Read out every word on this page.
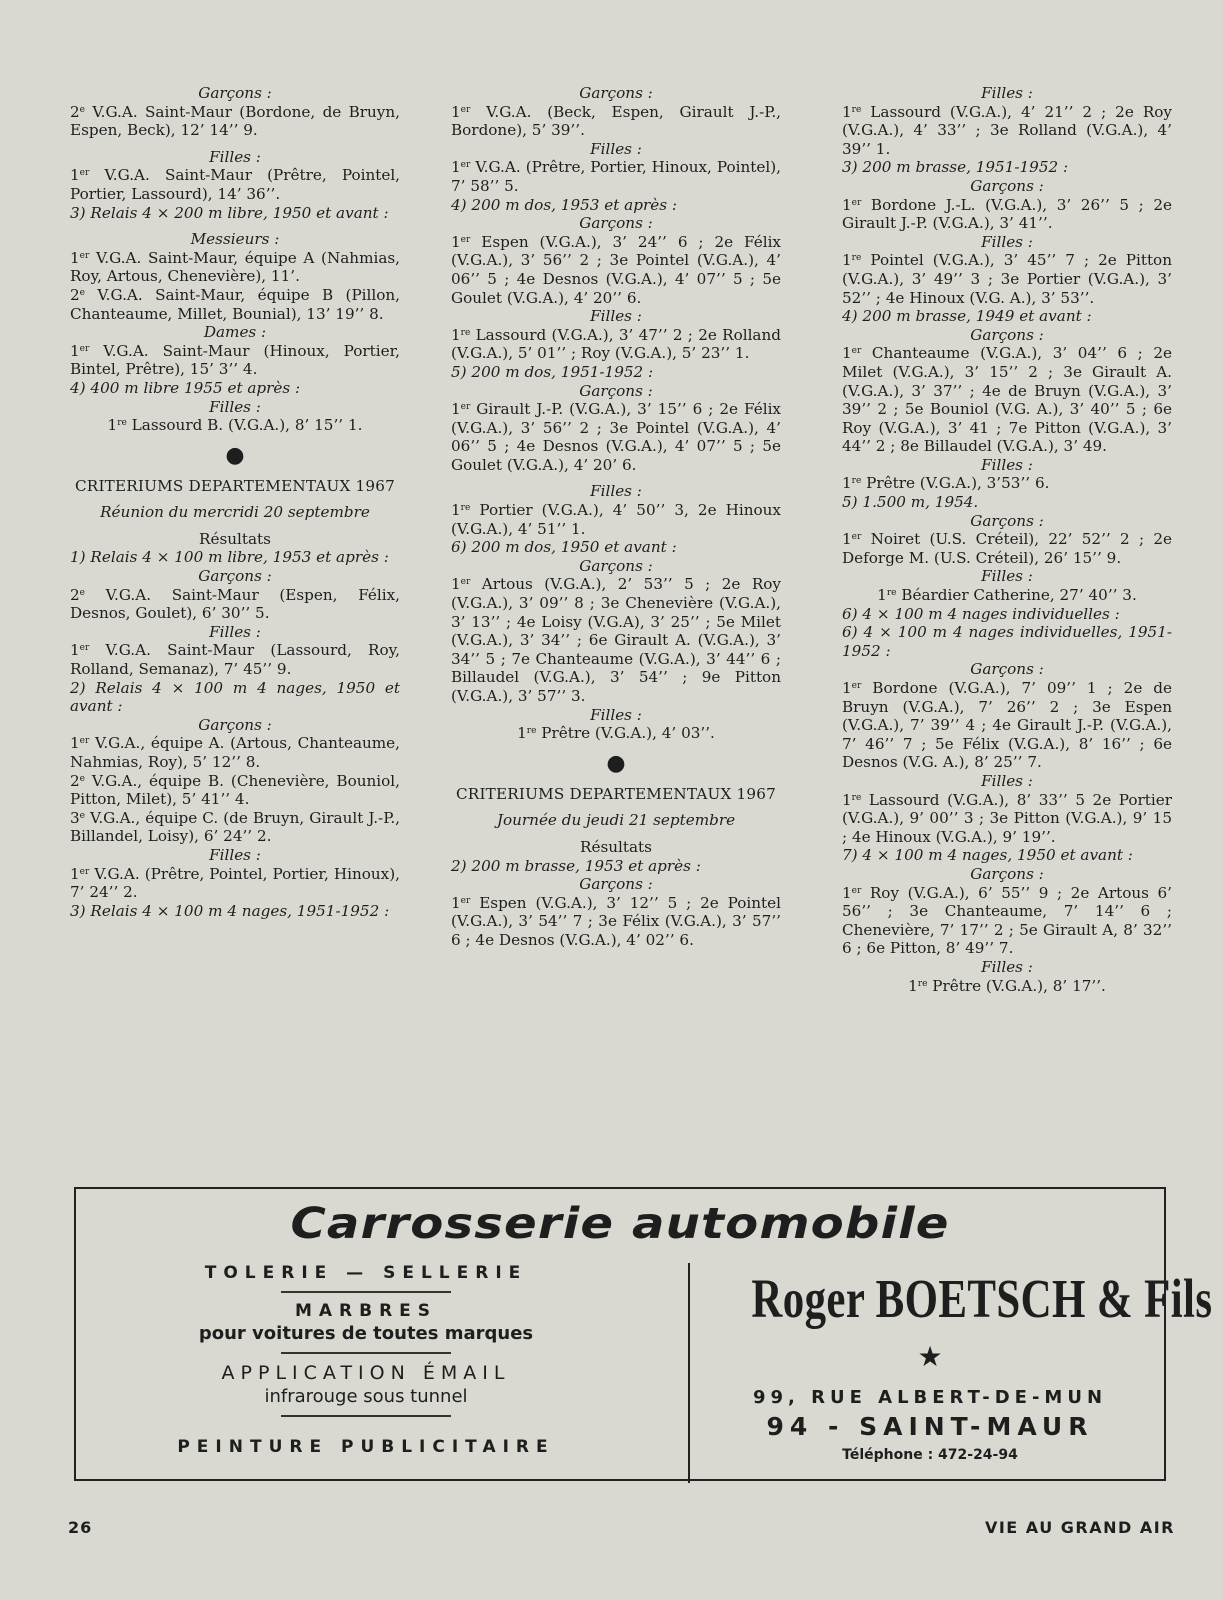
Garçons :

2e V.G.A. Saint-Maur (Bordone, de Bruyn, Espen, Beck), 12’ 14’’ 9.

Filles :

1er V.G.A. Saint-Maur (Prêtre, Pointel, Portier, Lassourd), 14’ 36’’.

3) Relais 4 × 200 m libre, 1950 et avant :

Messieurs :

1er V.G.A. Saint-Maur, équipe A (Nahmias, Roy, Artous, Chenevière), 11’.

2e V.G.A. Saint-Maur, équipe B (Pillon, Chanteaume, Millet, Bounial), 13’ 19’’ 8.

Dames :

1er V.G.A. Saint-Maur (Hinoux, Portier, Bintel, Prêtre), 15’ 3’’ 4.

4) 400 m libre 1955 et après :

Filles :

1re Lassourd B. (V.G.A.), 8’ 15’’ 1.

●

CRITERIUMS DEPARTEMENTAUX 1967

Réunion du mercridi 20 septembre

Résultats

1) Relais 4 × 100 m libre, 1953 et après :

Garçons :

2e V.G.A. Saint-Maur (Espen, Félix, Desnos, Goulet), 6’ 30’’ 5.

Filles :

1er V.G.A. Saint-Maur (Lassourd, Roy, Rolland, Semanaz), 7’ 45’’ 9.

2) Relais 4 × 100 m 4 nages, 1950 et avant :

Garçons :

1er V.G.A., équipe A. (Artous, Chanteaume, Nahmias, Roy), 5’ 12’’ 8.

2e V.G.A., équipe B. (Chenevière, Bouniol, Pitton, Milet), 5’ 41’’ 4.

3e V.G.A., équipe C. (de Bruyn, Girault J.-P., Billandel, Loisy), 6’ 24’’ 2.

Filles :

1er V.G.A. (Prêtre, Pointel, Portier, Hinoux), 7’ 24’’ 2.

3) Relais 4 × 100 m 4 nages, 1951-1952 :

Garçons :

1er V.G.A. (Beck, Espen, Girault J.-P., Bordone), 5’ 39’’.

Filles :

1er V.G.A. (Prêtre, Portier, Hinoux, Pointel), 7’ 58’’ 5.

4) 200 m dos, 1953 et après :

Garçons :

1er Espen (V.G.A.), 3’ 24’’ 6 ; 2e Félix (V.G.A.), 3’ 56’’ 2 ; 3e Pointel (V.G.A.), 4’ 06’’ 5 ; 4e Desnos (V.G.A.), 4’ 07’’ 5 ; 5e Goulet (V.G.A.), 4’ 20’’ 6.

Filles :

1re Lassourd (V.G.A.), 3’ 47’’ 2 ; 2e Rolland (V.G.A.), 5’ 01’’ ; Roy (V.G.A.), 5’ 23’’ 1.

5) 200 m dos, 1951-1952 :

Garçons :

1er Girault J.-P. (V.G.A.), 3’ 15’’ 6 ; 2e Félix (V.G.A.), 3’ 56’’ 2 ; 3e Pointel (V.G.A.), 4’ 06’’ 5 ; 4e Desnos (V.G.A.), 4’ 07’’ 5 ; 5e Goulet (V.G.A.), 4’ 20’ 6.

Filles :

1re Portier (V.G.A.), 4’ 50’’ 3, 2e Hinoux (V.G.A.), 4’ 51’’ 1.

6) 200 m dos, 1950 et avant :

Garçons :

1er Artous (V.G.A.), 2’ 53’’ 5 ; 2e Roy (V.G.A.), 3’ 09’’ 8 ; 3e Chenevière (V.G.A.), 3’ 13’’ ; 4e Loisy (V.G.A), 3’ 25’’ ; 5e Milet (V.G.A.), 3’ 34’’ ; 6e Girault A. (V.G.A.), 3’ 34’’ 5 ; 7e Chanteaume (V.G.A.), 3’ 44’’ 6 ; Billaudel (V.G.A.), 3’ 54’’ ; 9e Pitton (V.G.A.), 3’ 57’’ 3.

Filles :

1re Prêtre (V.G.A.), 4’ 03’’.

●

CRITERIUMS DEPARTEMENTAUX 1967

Journée du jeudi 21 septembre

Résultats

2) 200 m brasse, 1953 et après :

Garçons :

1er Espen (V.G.A.), 3’ 12’’ 5 ; 2e Pointel (V.G.A.), 3’ 54’’ 7 ; 3e Félix (V.G.A.), 3’ 57’’ 6 ; 4e Desnos (V.G.A.), 4’ 02’’ 6.

Filles :

1re Lassourd (V.G.A.), 4’ 21’’ 2 ; 2e Roy (V.G.A.), 4’ 33’’ ; 3e Rolland (V.G.A.), 4’ 39’’ 1.

3) 200 m brasse, 1951-1952 :

Garçons :

1er Bordone J.-L. (V.G.A.), 3’ 26’’ 5 ; 2e Girault J.-P. (V.G.A.), 3’ 41’’.

Filles :

1re Pointel (V.G.A.), 3’ 45’’ 7 ; 2e Pitton (V.G.A.), 3’ 49’’ 3 ; 3e Portier (V.G.A.), 3’ 52’’ ; 4e Hinoux (V.G. A.), 3’ 53’’.

4) 200 m brasse, 1949 et avant :

Garçons :

1er Chanteaume (V.G.A.), 3’ 04’’ 6 ; 2e Milet (V.G.A.), 3’ 15’’ 2 ; 3e Girault A. (V.G.A.), 3’ 37’’ ; 4e de Bruyn (V.G.A.), 3’ 39’’ 2 ; 5e Bouniol (V.G. A.), 3’ 40’’ 5 ; 6e Roy (V.G.A.), 3’ 41 ; 7e Pitton (V.G.A.), 3’ 44’’ 2 ; 8e Billaudel (V.G.A.), 3’ 49.

Filles :

1re Prêtre (V.G.A.), 3’53’’ 6.

5) 1.500 m, 1954.

Garçons :

1er Noiret (U.S. Créteil), 22’ 52’’ 2 ; 2e Deforge M. (U.S. Créteil), 26’ 15’’ 9.

Filles :

1re Béardier Catherine, 27’ 40’’ 3.

6) 4 × 100 m 4 nages individuelles :

6) 4 × 100 m 4 nages individuelles, 1951-1952 :

Garçons :

1er Bordone (V.G.A.), 7’ 09’’ 1 ; 2e de Bruyn (V.G.A.), 7’ 26’’ 2 ; 3e Espen (V.G.A.), 7’ 39’’ 4 ; 4e Girault J.-P. (V.G.A.), 7’ 46’’ 7 ; 5e Félix (V.G.A.), 8’ 16’’ ; 6e Desnos (V.G. A.), 8’ 25’’ 7.

Filles :

1re Lassourd (V.G.A.), 8’ 33’’ 5 2e Portier (V.G.A.), 9’ 00’’ 3 ; 3e Pitton (V.G.A.), 9’ 15 ; 4e Hinoux (V.G.A.), 9’ 19’’.

7) 4 × 100 m 4 nages, 1950 et avant :

Garçons :

1er Roy (V.G.A.), 6’ 55’’ 9 ; 2e Artous 6’ 56’’ ; 3e Chanteaume, 7’ 14’’ 6 ; Chenevière, 7’ 17’’ 2 ; 5e Girault A, 8’ 32’’ 6 ; 6e Pitton, 8’ 49’’ 7.

Filles :

1re Prêtre (V.G.A.), 8’ 17’’.

Carrosserie automobile
TOLERIE — SELLERIE
MARBRES
pour voitures de toutes marques
APPLICATION ÉMAIL
infrarouge sous tunnel
PEINTURE PUBLICITAIRE
Roger BOETSCH & Fils
★
99, RUE ALBERT-DE-MUN
94 - SAINT-MAUR
Téléphone : 472-24-94
26	VIE AU GRAND AIR
